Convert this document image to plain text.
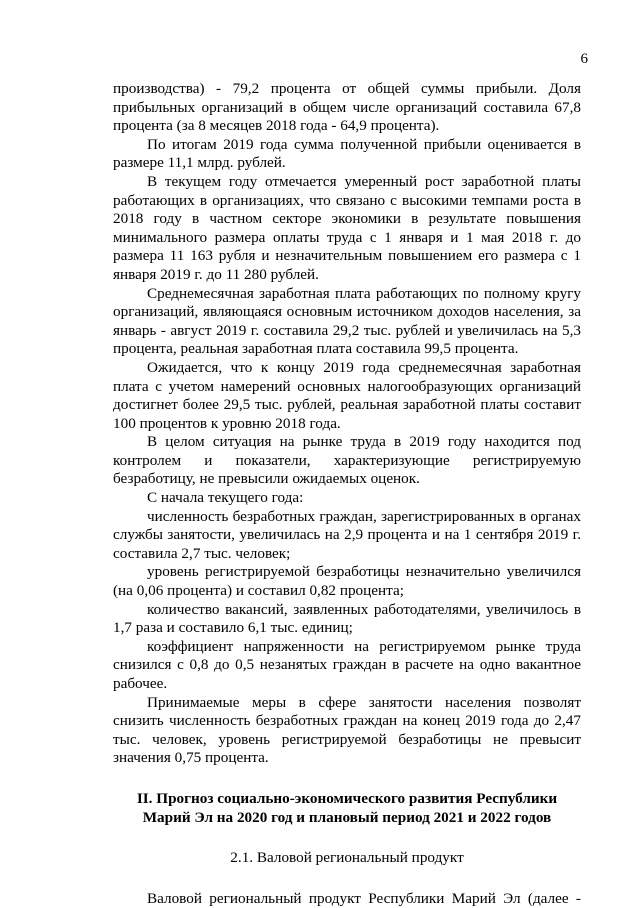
6

производства) - 79,2 процента от общей суммы прибыли. Доля прибыльных организаций в общем числе организаций составила 67,8 процента (за 8 месяцев 2018 года - 64,9 процента).

По итогам 2019 года сумма полученной прибыли оценивается в размере 11,1 млрд. рублей.

В текущем году отмечается умеренный рост заработной платы работающих в организациях, что связано с высокими темпами роста в 2018 году в частном секторе экономики в результате повышения минимального размера оплаты труда с 1 января и 1 мая 2018 г. до размера 11 163 рубля и незначительным повышением его размера с 1 января 2019 г. до 11 280 рублей.

Среднемесячная заработная плата работающих по полному кругу организаций, являющаяся основным источником доходов населения, за январь - август 2019 г. составила 29,2 тыс. рублей и увеличилась на 5,3 процента, реальная заработная плата составила 99,5 процента.

Ожидается, что к концу 2019 года среднемесячная заработная плата с учетом намерений основных налогообразующих организаций достигнет более 29,5 тыс. рублей, реальная заработной платы составит 100 процентов к уровню 2018 года.

В целом ситуация на рынке труда в 2019 году находится под контролем и показатели, характеризующие регистрируемую безработицу, не превысили ожидаемых оценок.

С начала текущего года:

численность безработных граждан, зарегистрированных в органах службы занятости, увеличилась на 2,9 процента и на 1 сентября 2019 г. составила 2,7 тыс. человек;

уровень регистрируемой безработицы незначительно увеличился (на 0,06 процента) и составил 0,82 процента;

количество вакансий, заявленных работодателями, увеличилось в 1,7 раза и составило 6,1 тыс. единиц;

коэффициент напряженности на регистрируемом рынке труда снизился с 0,8 до 0,5 незанятых граждан в расчете на одно вакантное рабочее.

Принимаемые меры в сфере занятости населения позволят снизить численность безработных граждан на конец 2019 года до 2,47 тыс. человек, уровень регистрируемой безработицы не превысит значения 0,75 процента.

II. Прогноз социально-экономического развития Республики Марий Эл на 2020 год и плановый период 2021 и 2022 годов
2.1. Валовой региональный продукт

Валовой региональный продукт Республики Марий Эл (далее -
